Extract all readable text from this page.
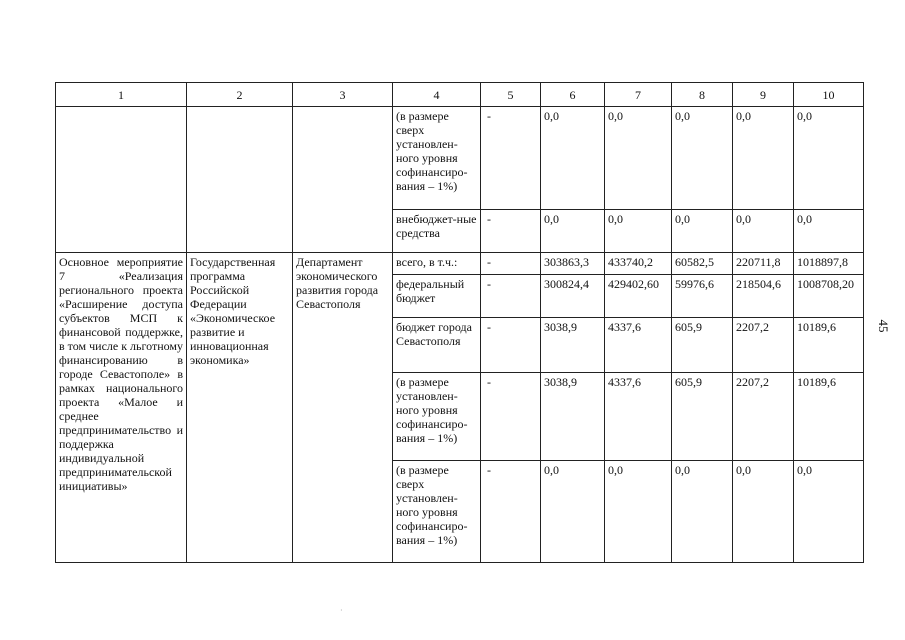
1	2	3	4	5	6	7	8	9	10
			(в размере сверх установлен-ного уровня софинансиро-вания – 1%)	-	0,0	0,0	0,0	0,0	0,0
			внебюджет-ные средства	-	0,0	0,0	0,0	0,0	0,0
Основное мероприятие 7 «Реализация регионального проекта «Расширение доступа субъектов МСП к финансовой поддержке, в том числе к льготному финансированию в городе Севастополе» в рамках национального проекта «Малое и среднее предпринимательство и поддержка индивидуальной предпринимательской инициативы»	Государственная программа Российской Федерации «Экономическое развитие и инновационная экономика»	Департамент экономического развития города Севастополя	всего, в т.ч.:	-	303863,3	433740,2	60582,5	220711,8	1018897,8
			федеральный бюджет	-	300824,4	429402,60	59976,6	218504,6	1008708,20
			бюджет города Севастополя	-	3038,9	4337,6	605,9	2207,2	10189,6
			(в размере установлен-ного уровня софинансиро-вания – 1%)	-	3038,9	4337,6	605,9	2207,2	10189,6
			(в размере сверх установлен-ного уровня софинансиро-вания – 1%)	-	0,0	0,0	0,0	0,0	0,0
45
·
